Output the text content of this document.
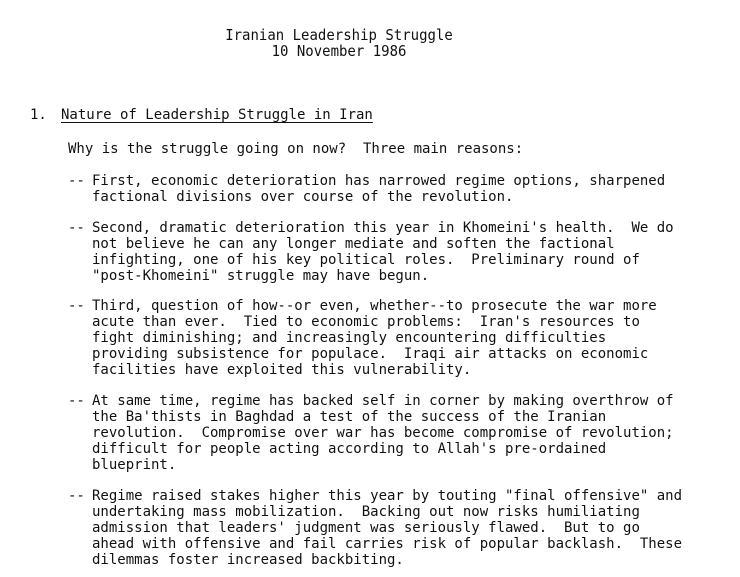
Iranian Leadership Struggle
10 November 1986
1. Nature of Leadership Struggle in Iran
Why is the struggle going on now?  Three main reasons:
-- First, economic deterioration has narrowed regime options, sharpened
factional divisions over course of the revolution.
-- Second, dramatic deterioration this year in Khomeini's health.  We do
not believe he can any longer mediate and soften the factional
infighting, one of his key political roles.  Preliminary round of
"post-Khomeini" struggle may have begun.
-- Third, question of how--or even, whether--to prosecute the war more
acute than ever.  Tied to economic problems:  Iran's resources to
fight diminishing; and increasingly encountering difficulties
providing subsistence for populace.  Iraqi air attacks on economic
facilities have exploited this vulnerability.
-- At same time, regime has backed self in corner by making overthrow of
the Ba'thists in Baghdad a test of the success of the Iranian
revolution.  Compromise over war has become compromise of revolution;
difficult for people acting according to Allah's pre-ordained
blueprint.
-- Regime raised stakes higher this year by touting "final offensive" and
undertaking mass mobilization.  Backing out now risks humiliating
admission that leaders' judgment was seriously flawed.  But to go
ahead with offensive and fail carries risk of popular backlash.  These
dilemmas foster increased backbiting.
